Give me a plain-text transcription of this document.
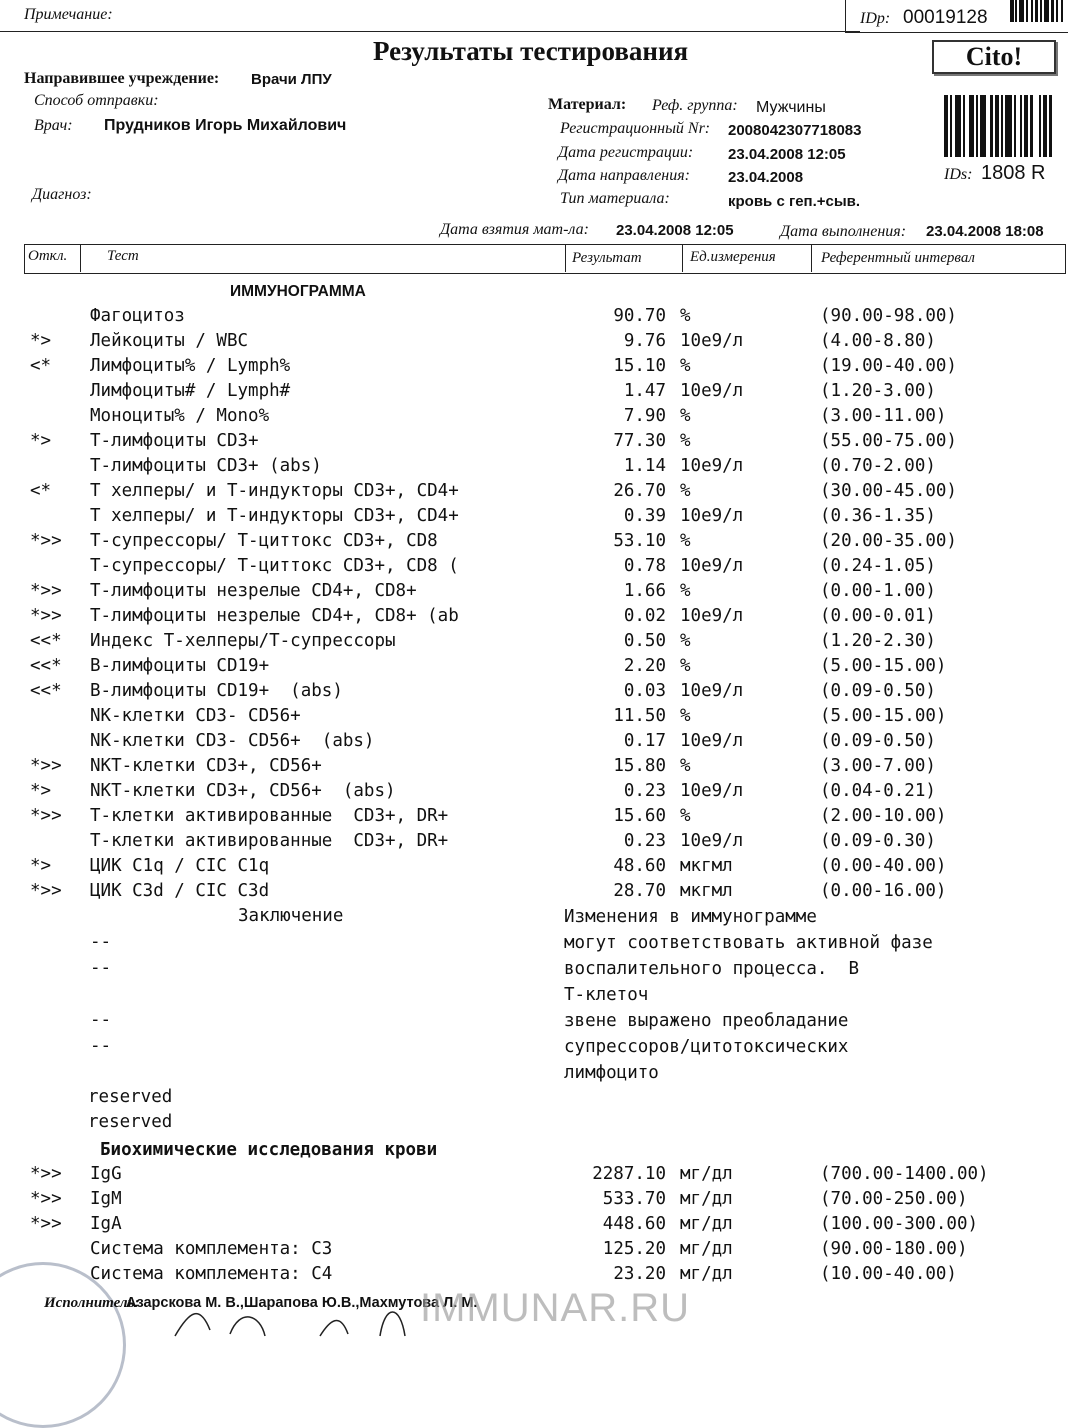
Примечание:	IDp: 00019128
Результаты тестирования	Cito!
Направившее учреждение: Врачи ЛПУ
Способ отправки:
Врач: Прудников Игорь Михайлович
Диагноз:
Материал: Реф. группа: Мужчины
Регистрационный Nr: 2008042307718083
Дата регистрации: 23.04.2008 12:05
Дата направления:	23.04.2008
Тип материала:	кровь с геп.+сыв.
IDs: 1808 R
Дата взятия мат-ла: 23.04.2008 12:05	Дата выполнения: 23.04.2008 18:08
Откл.	Тест	Результат	Ед.измерения	Референтный интервал
ИММУНОГРАММА
Фагоцитоз	90.70 %	(90.00-98.00)
*> Лейкоциты / WBC	9.76 10e9/л	(4.00-8.80)
<* Лимфоциты% / Lymph%	15.10 %	(19.00-40.00)
Лимфоциты# / Lymph#	1.47 10e9/л	(1.20-3.00)
Моноциты% / Mono%	7.90 %	(3.00-11.00)
*> Т-лимфоциты CD3+	77.30 %	(55.00-75.00)
Т-лимфоциты CD3+ (abs)	1.14 10e9/л	(0.70-2.00)
<* Т хелперы/ и Т-индукторы CD3+, CD4+	26.70 %	(30.00-45.00)
Т хелперы/ и Т-индукторы CD3+, CD4+	0.39 10e9/л	(0.36-1.35)
*>> Т-супрессоры/ Т-циттокс CD3+, CD8	53.10 %	(20.00-35.00)
Т-супрессоры/ Т-циттокс CD3+, CD8 (	0.78 10e9/л	(0.24-1.05)
*>> Т-лимфоциты незрелые CD4+, CD8+	1.66 %	(0.00-1.00)
*>> Т-лимфоциты незрелые CD4+, CD8+ (ab	0.02 10e9/л	(0.00-0.01)
<<* Индекс Т-хелперы/Т-супрессоры	0.50 %	(1.20-2.30)
<<* В-лимфоциты CD19+	2.20 %	(5.00-15.00)
<<* В-лимфоциты CD19+  (abs)	0.03 10e9/л	(0.09-0.50)
NK-клетки CD3- CD56+	11.50 %	(5.00-15.00)
NK-клетки CD3- CD56+  (abs)	0.17 10e9/л	(0.09-0.50)
*>> NKT-клетки CD3+, CD56+	15.80 %	(3.00-7.00)
*> NKT-клетки CD3+, CD56+  (abs)	0.23 10e9/л	(0.04-0.21)
*>> Т-клетки активированные  CD3+, DR+	15.60 %	(2.00-10.00)
Т-клетки активированные  CD3+, DR+	0.23 10e9/л	(0.09-0.30)
*> ЦИК C1q / CIC C1q	48.60 мкгмл	(0.00-40.00)
*>> ЦИК C3d / CIC C3d	28.70 мкгмл	(0.00-16.00)
Заключение	Изменения в иммунограмме
могут соответствовать активной фазе
воспалительного процесса.  В
Т-клеточ
звене выражено преобладание
супрессоров/цитотоксических
лимфоцито
--
--
--
--
reserved
reserved
Биохимические исследования крови
*>> IgG	2287.10 мг/дл	(700.00-1400.00)
*>> IgM	533.70 мг/дл	(70.00-250.00)
*>> IgA	448.60 мг/дл	(100.00-300.00)
Система комплемента: С3	125.20 мг/дл	(90.00-180.00)
Система комплемента: С4	23.20 мг/дл	(10.00-40.00)
Исполнитель:
Азарскова М. В.,Шарапова Ю.В.,Махмутова Л. М.
IMMUNAR.RU
